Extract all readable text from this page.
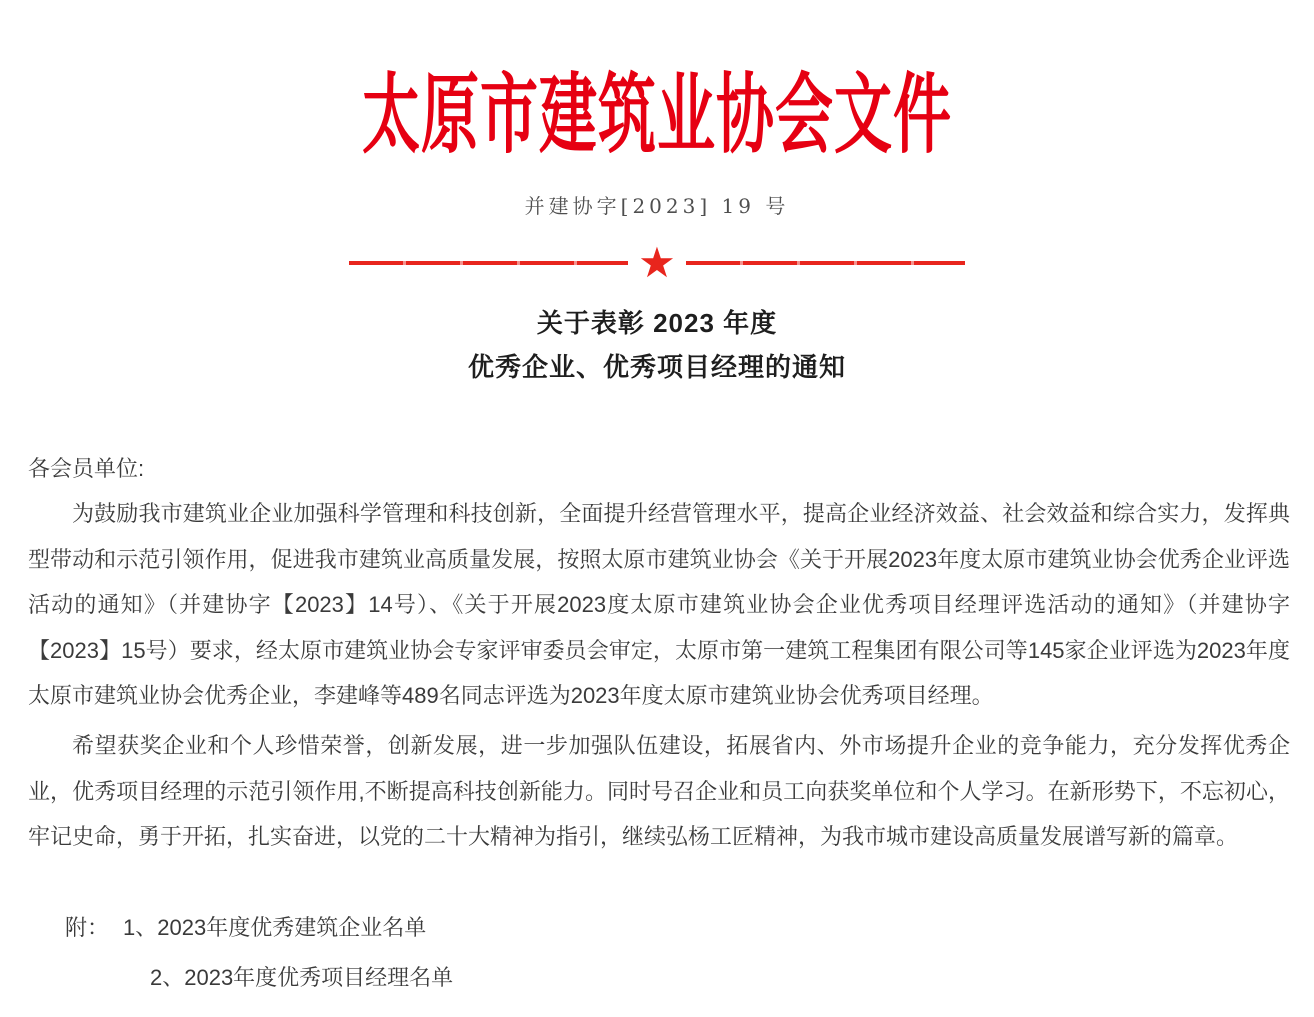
太原市建筑业协会文件
并建协字[2023] 19 号
★
关于表彰 2023 年度
优秀企业、优秀项目经理的通知
各会员单位:

为鼓励我市建筑业企业加强科学管理和科技创新，全面提升经营管理水平，提高企业经济效益、社会效益和综合实力，发挥典型带动和示范引领作用，促进我市建筑业高质量发展，按照太原市建筑业协会《关于开展2023年度太原市建筑业协会优秀企业评选活动的通知》（并建协字【2023】14号）、《关于开展2023度太原市建筑业协会企业优秀项目经理评选活动的通知》（并建协字【2023】15号）要求，经太原市建筑业协会专家评审委员会审定，太原市第一建筑工程集团有限公司等145家企业评选为2023年度太原市建筑业协会优秀企业，李建峰等489名同志评选为2023年度太原市建筑业协会优秀项目经理。

希望获奖企业和个人珍惜荣誉，创新发展，进一步加强队伍建设，拓展省内、外市场提升企业的竞争能力，充分发挥优秀企业，优秀项目经理的示范引领作用,不断提高科技创新能力。同时号召企业和员工向获奖单位和个人学习。在新形势下，不忘初心，牢记史命，勇于开拓，扎实奋进，以党的二十大精神为指引，继续弘杨工匠精神，为我市城市建设高质量发展谱写新的篇章。

附： 1、2023年度优秀建筑企业名单
2、2023年度优秀项目经理名单
